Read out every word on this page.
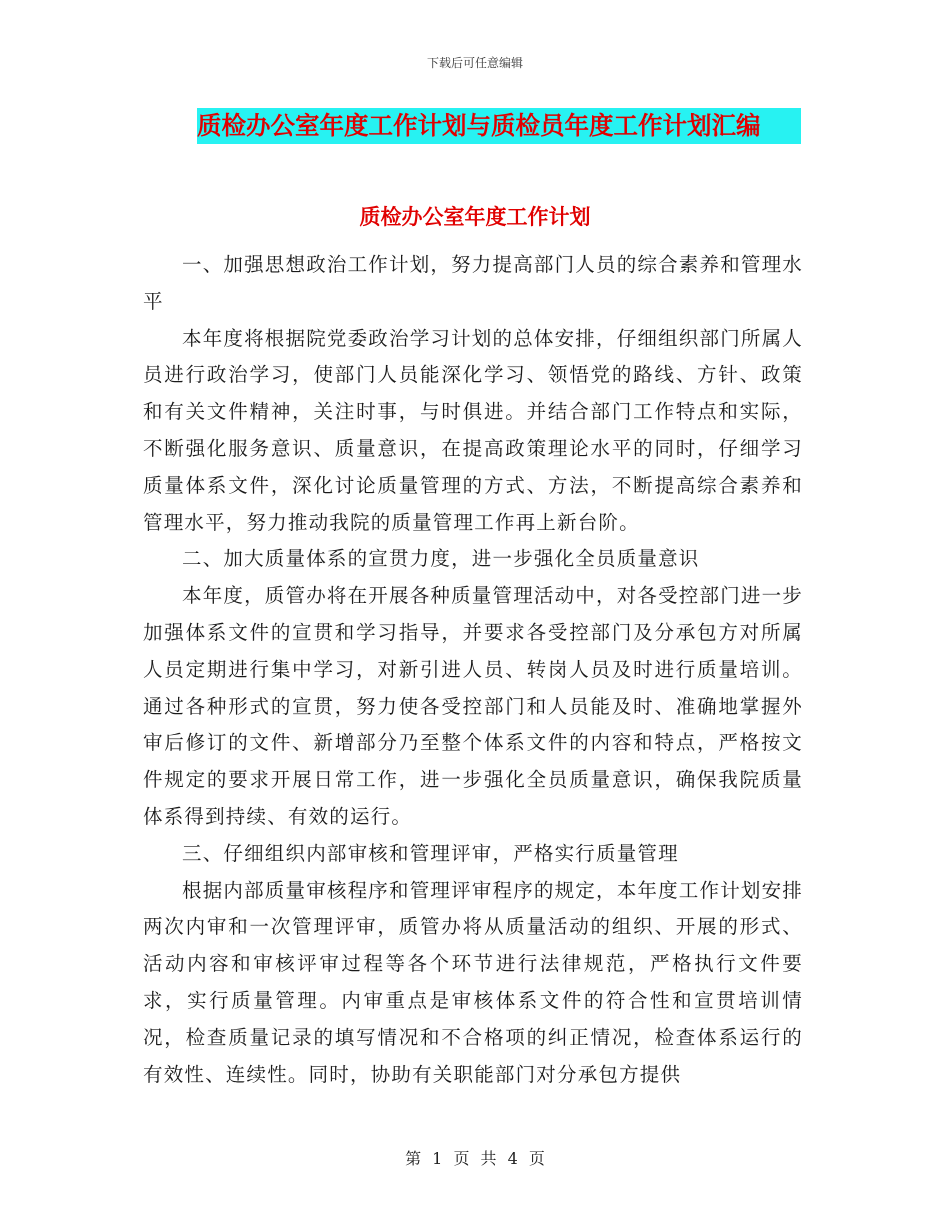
下载后可任意编辑
质检办公室年度工作计划与质检员年度工作计划汇编
质检办公室年度工作计划

一、加强思想政治工作计划，努力提高部门人员的综合素养和管理水平

本年度将根据院党委政治学习计划的总体安排，仔细组织部门所属人员进行政治学习，使部门人员能深化学习、领悟党的路线、方针、政策和有关文件精神，关注时事，与时俱进。并结合部门工作特点和实际，不断强化服务意识、质量意识，在提高政策理论水平的同时，仔细学习质量体系文件，深化讨论质量管理的方式、方法，不断提高综合素养和管理水平，努力推动我院的质量管理工作再上新台阶。

二、加大质量体系的宣贯力度，进一步强化全员质量意识

本年度，质管办将在开展各种质量管理活动中，对各受控部门进一步加强体系文件的宣贯和学习指导，并要求各受控部门及分承包方对所属人员定期进行集中学习，对新引进人员、转岗人员及时进行质量培训。通过各种形式的宣贯，努力使各受控部门和人员能及时、准确地掌握外审后修订的文件、新增部分乃至整个体系文件的内容和特点，严格按文件规定的要求开展日常工作，进一步强化全员质量意识，确保我院质量体系得到持续、有效的运行。

三、仔细组织内部审核和管理评审，严格实行质量管理

根据内部质量审核程序和管理评审程序的规定，本年度工作计划安排两次内审和一次管理评审，质管办将从质量活动的组织、开展的形式、活动内容和审核评审过程等各个环节进行法律规范，严格执行文件要求，实行质量管理。内审重点是审核体系文件的符合性和宣贯培训情况，检查质量记录的填写情况和不合格项的纠正情况，检查体系运行的有效性、连续性。同时，协助有关职能部门对分承包方提供

第 1 页 共 4 页
